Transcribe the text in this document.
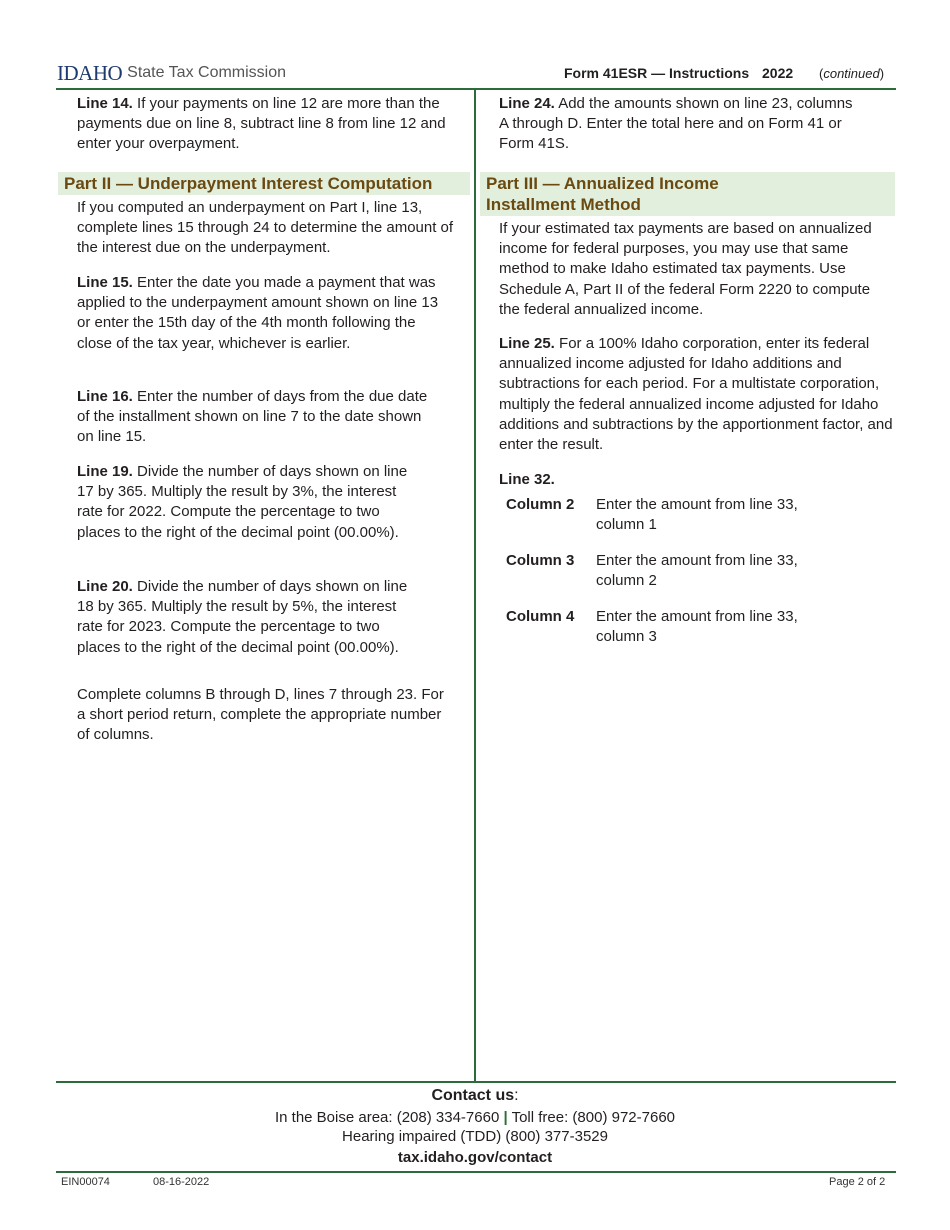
IDAHO State Tax Commission	Form 41ESR — Instructions 2022 (continued)
Line 14. If your payments on line 12 are more than the payments due on line 8, subtract line 8 from line 12 and enter your overpayment.
Part II — Underpayment Interest Computation
If you computed an underpayment on Part I, line 13, complete lines 15 through 24 to determine the amount of the interest due on the underpayment.
Line 15. Enter the date you made a payment that was applied to the underpayment amount shown on line 13 or enter the 15th day of the 4th month following the close of the tax year, whichever is earlier.
Line 16. Enter the number of days from the due date of the installment shown on line 7 to the date shown on line 15.
Line 19. Divide the number of days shown on line 17 by 365. Multiply the result by 3%, the interest rate for 2022. Compute the percentage to two places to the right of the decimal point (00.00%).
Line 20. Divide the number of days shown on line 18 by 365. Multiply the result by 5%, the interest rate for 2023. Compute the percentage to two places to the right of the decimal point (00.00%).
Complete columns B through D, lines 7 through 23. For a short period return, complete the appropriate number of columns.
Line 24. Add the amounts shown on line 23, columns A through D. Enter the total here and on Form 41 or Form 41S.
Part III — Annualized Income
Installment Method
If your estimated tax payments are based on annualized income for federal purposes, you may use that same method to make Idaho estimated tax payments. Use Schedule A, Part II of the federal Form 2220 to compute the federal annualized income.
Line 25. For a 100% Idaho corporation, enter its federal annualized income adjusted for Idaho additions and subtractions for each period. For a multistate corporation, multiply the federal annualized income adjusted for Idaho additions and subtractions by the apportionment factor, and enter the result.
Line 32.
Column 2	Enter the amount from line 33,
column 1
Column 3	Enter the amount from line 33,
column 2
Column 4	Enter the amount from line 33,
column 3
Contact us:
In the Boise area: (208) 334-7660 | Toll free: (800) 972-7660
Hearing impaired (TDD) (800) 377-3529
tax.idaho.gov/contact
EIN00074	08-16-2022	Page 2 of 2
